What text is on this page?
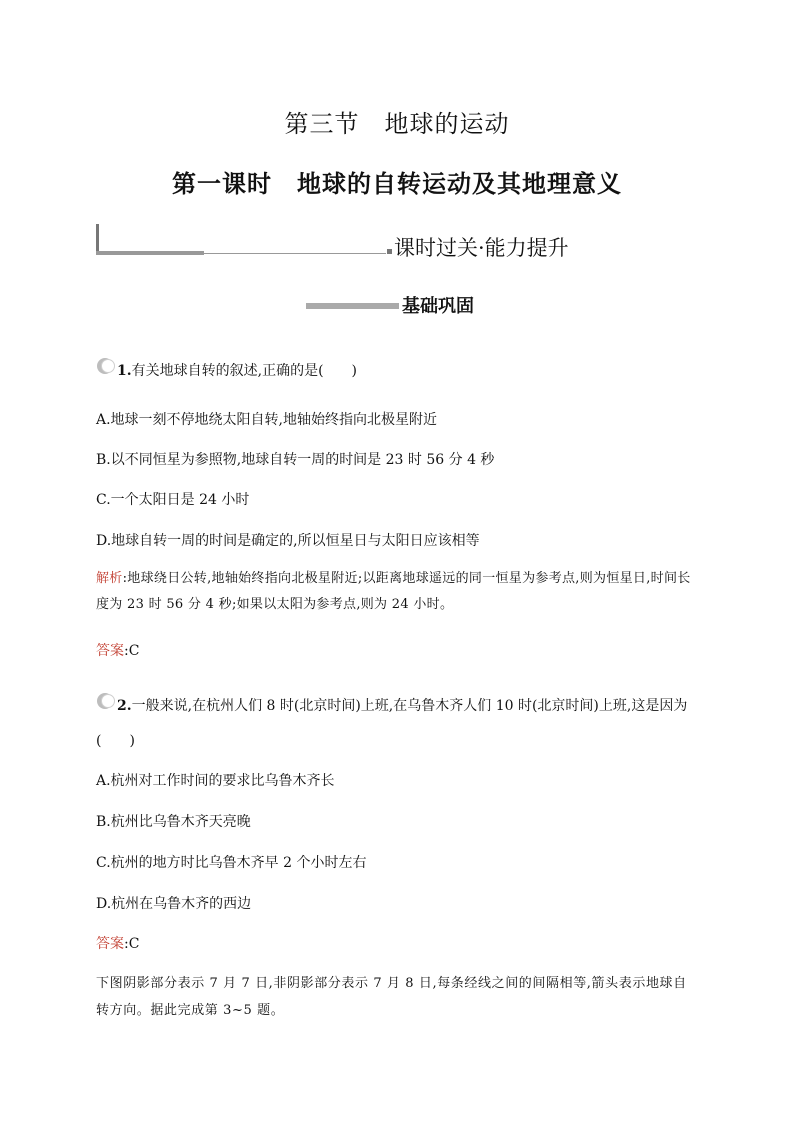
第三节　地球的运动
第一课时　地球的自转运动及其地理意义
课时过关·能力提升
基础巩固
1.有关地球自转的叙述,正确的是(　　)
A.地球一刻不停地绕太阳自转,地轴始终指向北极星附近
B.以不同恒星为参照物,地球自转一周的时间是 23 时 56 分 4 秒
C.一个太阳日是 24 小时
D.地球自转一周的时间是确定的,所以恒星日与太阳日应该相等
解析:地球绕日公转,地轴始终指向北极星附近;以距离地球遥远的同一恒星为参考点,则为恒星日,时间长度为 23 时 56 分 4 秒;如果以太阳为参考点,则为 24 小时。
答案:C
2.一般来说,在杭州人们 8 时(北京时间)上班,在乌鲁木齐人们 10 时(北京时间)上班,这是因为
(　　)
A.杭州对工作时间的要求比乌鲁木齐长
B.杭州比乌鲁木齐天亮晚
C.杭州的地方时比乌鲁木齐早 2 个小时左右
D.杭州在乌鲁木齐的西边
答案:C
下图阴影部分表示 7 月 7 日,非阴影部分表示 7 月 8 日,每条经线之间的间隔相等,箭头表示地球自转方向。据此完成第 3~5 题。
